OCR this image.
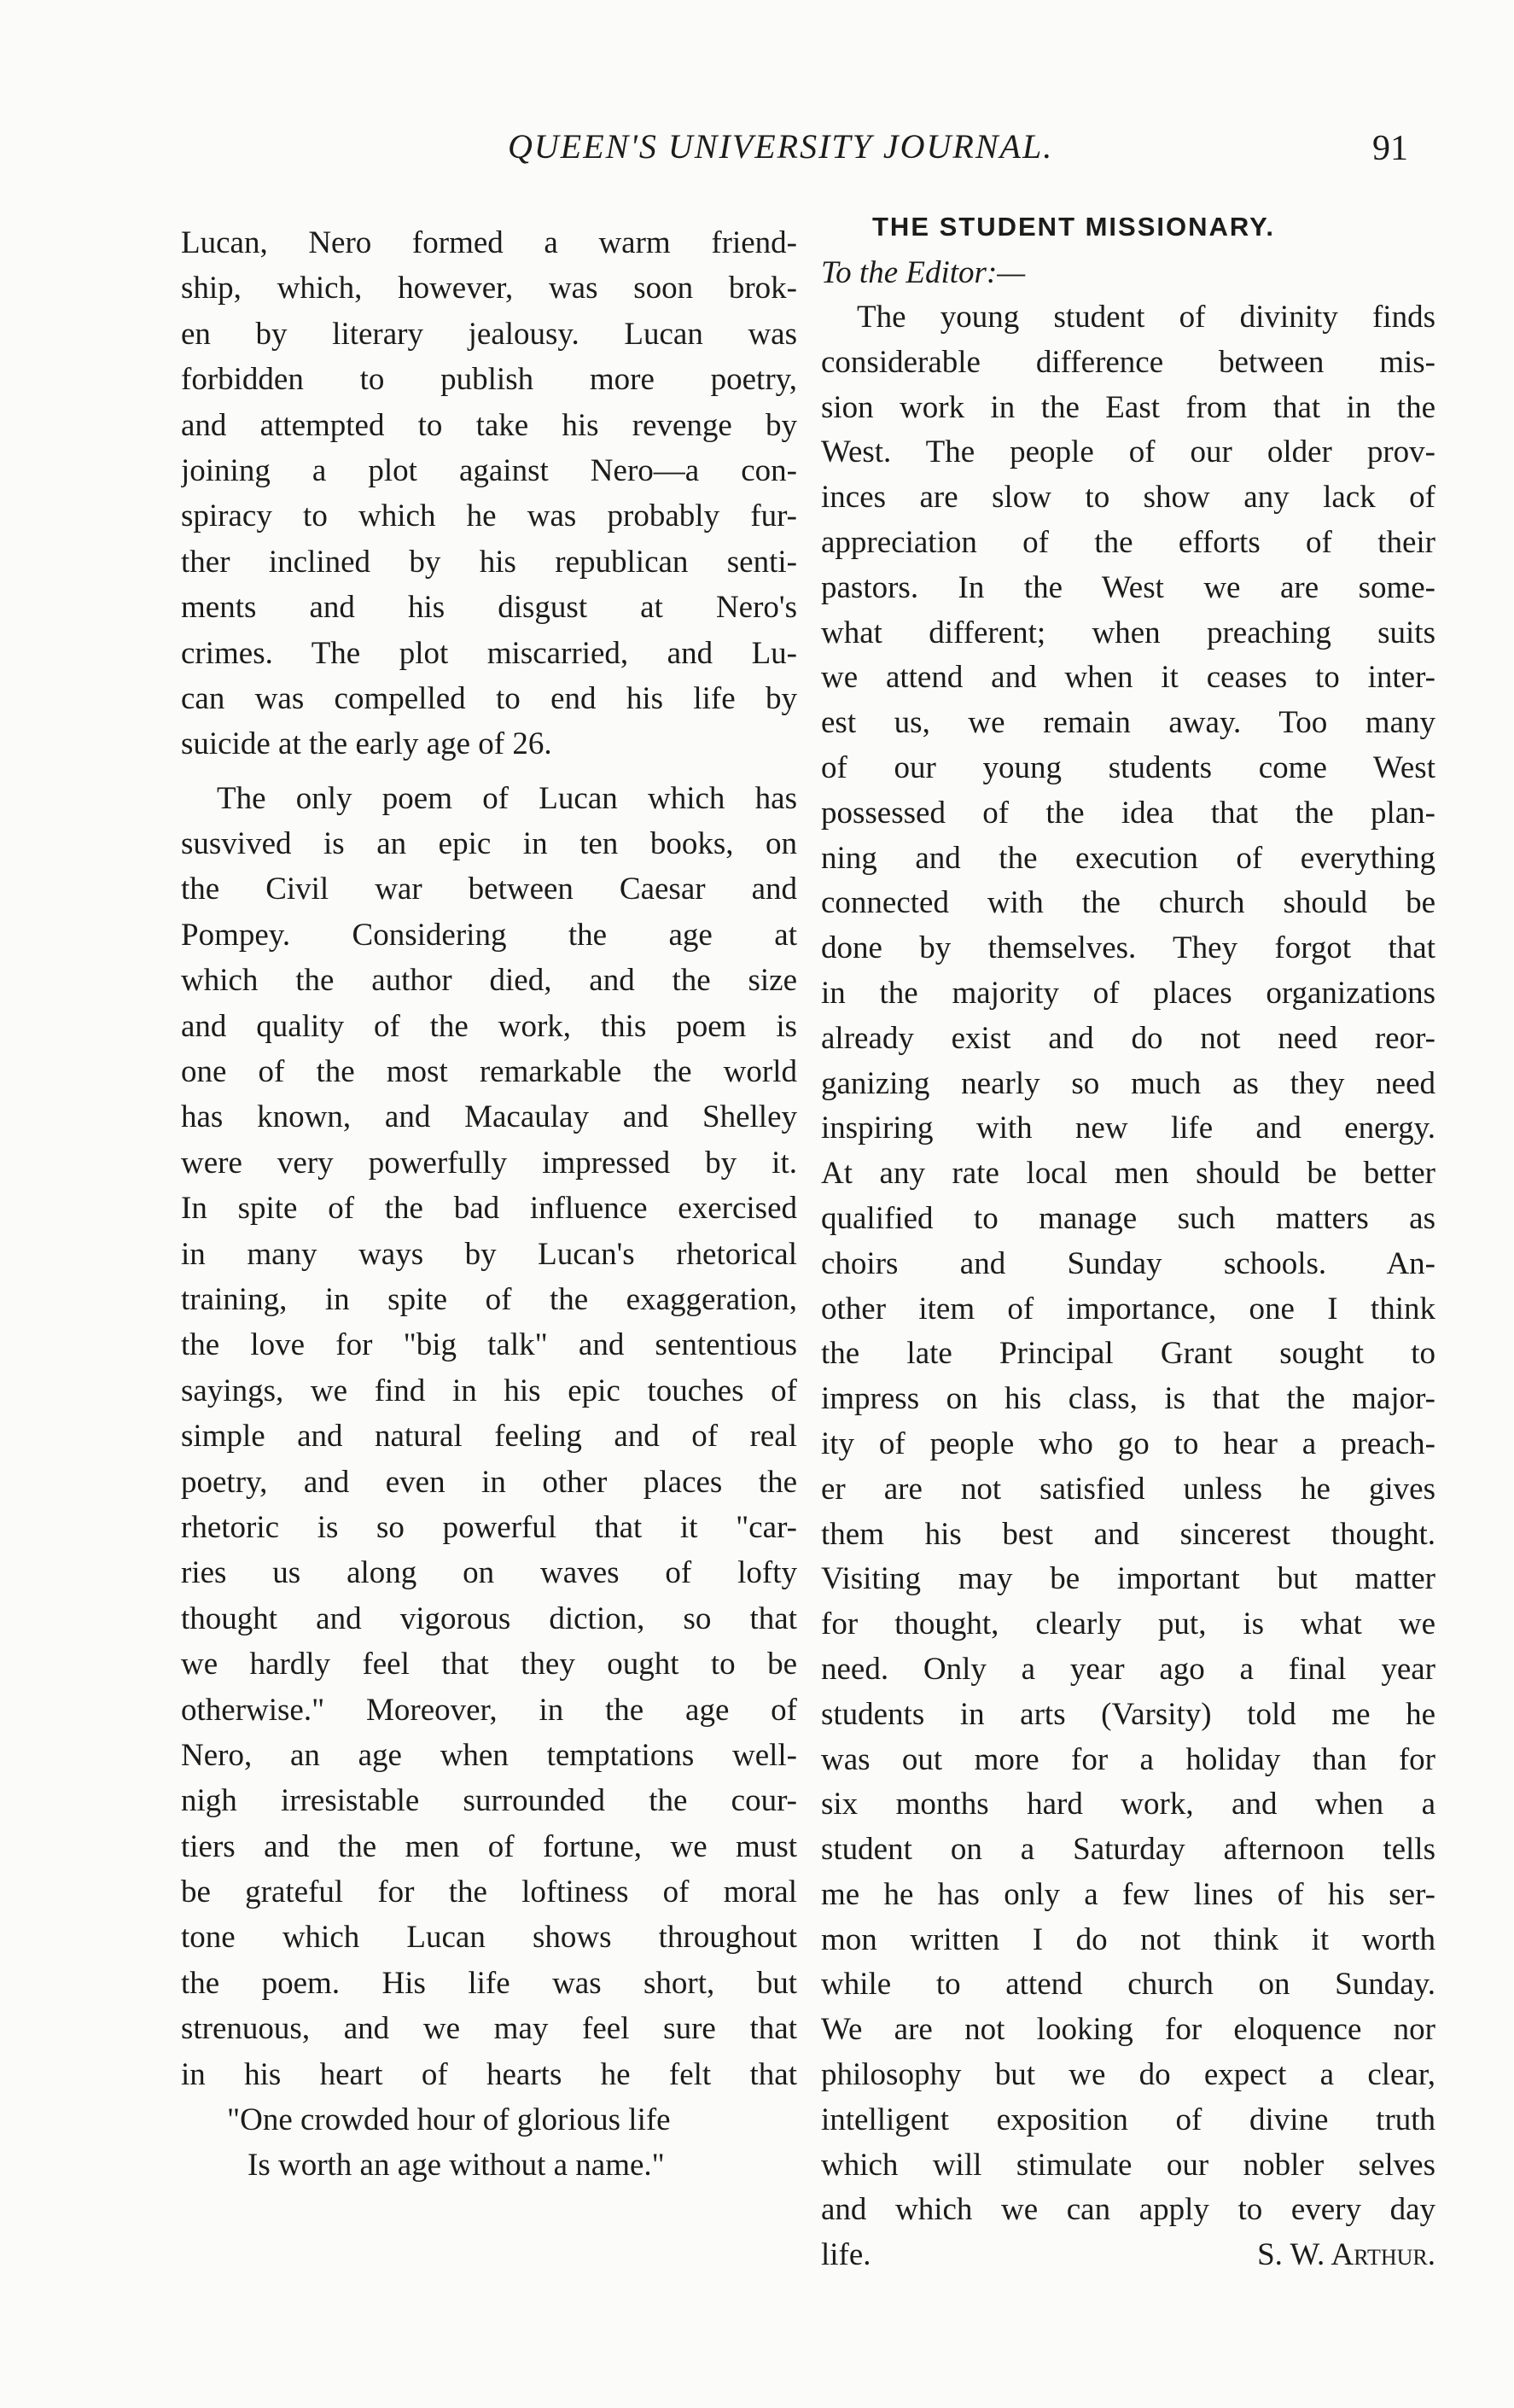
QUEEN'S UNIVERSITY JOURNAL.	91
Lucan, Nero formed a warm friend-
ship, which, however, was soon brok-
en by literary jealousy. Lucan was
forbidden to publish more poetry,
and attempted to take his revenge by
joining a plot against Nero—a con-
spiracy to which he was probably fur-
ther inclined by his republican senti-
ments and his disgust at Nero's
crimes. The plot miscarried, and Lu-
can was compelled to end his life by
suicide at the early age of 26.
The only poem of Lucan which has
susvived is an epic in ten books, on
the Civil war between Caesar and
Pompey. Considering the age at
which the author died, and the size
and quality of the work, this poem is
one of the most remarkable the world
has known, and Macaulay and Shelley
were very powerfully impressed by it.
In spite of the bad influence exercised
in many ways by Lucan's rhetorical
training, in spite of the exaggeration,
the love for "big talk" and sententious
sayings, we find in his epic touches of
simple and natural feeling and of real
poetry, and even in other places the
rhetoric is so powerful that it "car-
ries us along on waves of lofty
thought and vigorous diction, so that
we hardly feel that they ought to be
otherwise." Moreover, in the age of
Nero, an age when temptations well-
nigh irresistable surrounded the cour-
tiers and the men of fortune, we must
be grateful for the loftiness of moral
tone which Lucan shows throughout
the poem. His life was short, but
strenuous, and we may feel sure that
in his heart of hearts he felt that
"One crowded hour of glorious life
Is worth an age without a name."
THE STUDENT MISSIONARY.
To the Editor:—
The young student of divinity finds
considerable difference between mis-
sion work in the East from that in the
West. The people of our older prov-
inces are slow to show any lack of
appreciation of the efforts of their
pastors. In the West we are some-
what different; when preaching suits
we attend and when it ceases to inter-
est us, we remain away. Too many
of our young students come West
possessed of the idea that the plan-
ning and the execution of everything
connected with the church should be
done by themselves. They forgot that
in the majority of places organizations
already exist and do not need reor-
ganizing nearly so much as they need
inspiring with new life and energy.
At any rate local men should be better
qualified to manage such matters as
choirs and Sunday schools. An-
other item of importance, one I think
the late Principal Grant sought to
impress on his class, is that the major-
ity of people who go to hear a preach-
er are not satisfied unless he gives
them his best and sincerest thought.
Visiting may be important but matter
for thought, clearly put, is what we
need. Only a year ago a final year
students in arts (Varsity) told me he
was out more for a holiday than for
six months hard work, and when a
student on a Saturday afternoon tells
me he has only a few lines of his ser-
mon written I do not think it worth
while to attend church on Sunday.
We are not looking for eloquence nor
philosophy but we do expect a clear,
intelligent exposition of divine truth
which will stimulate our nobler selves
and which we can apply to every day
life.	S. W. Arthur.
